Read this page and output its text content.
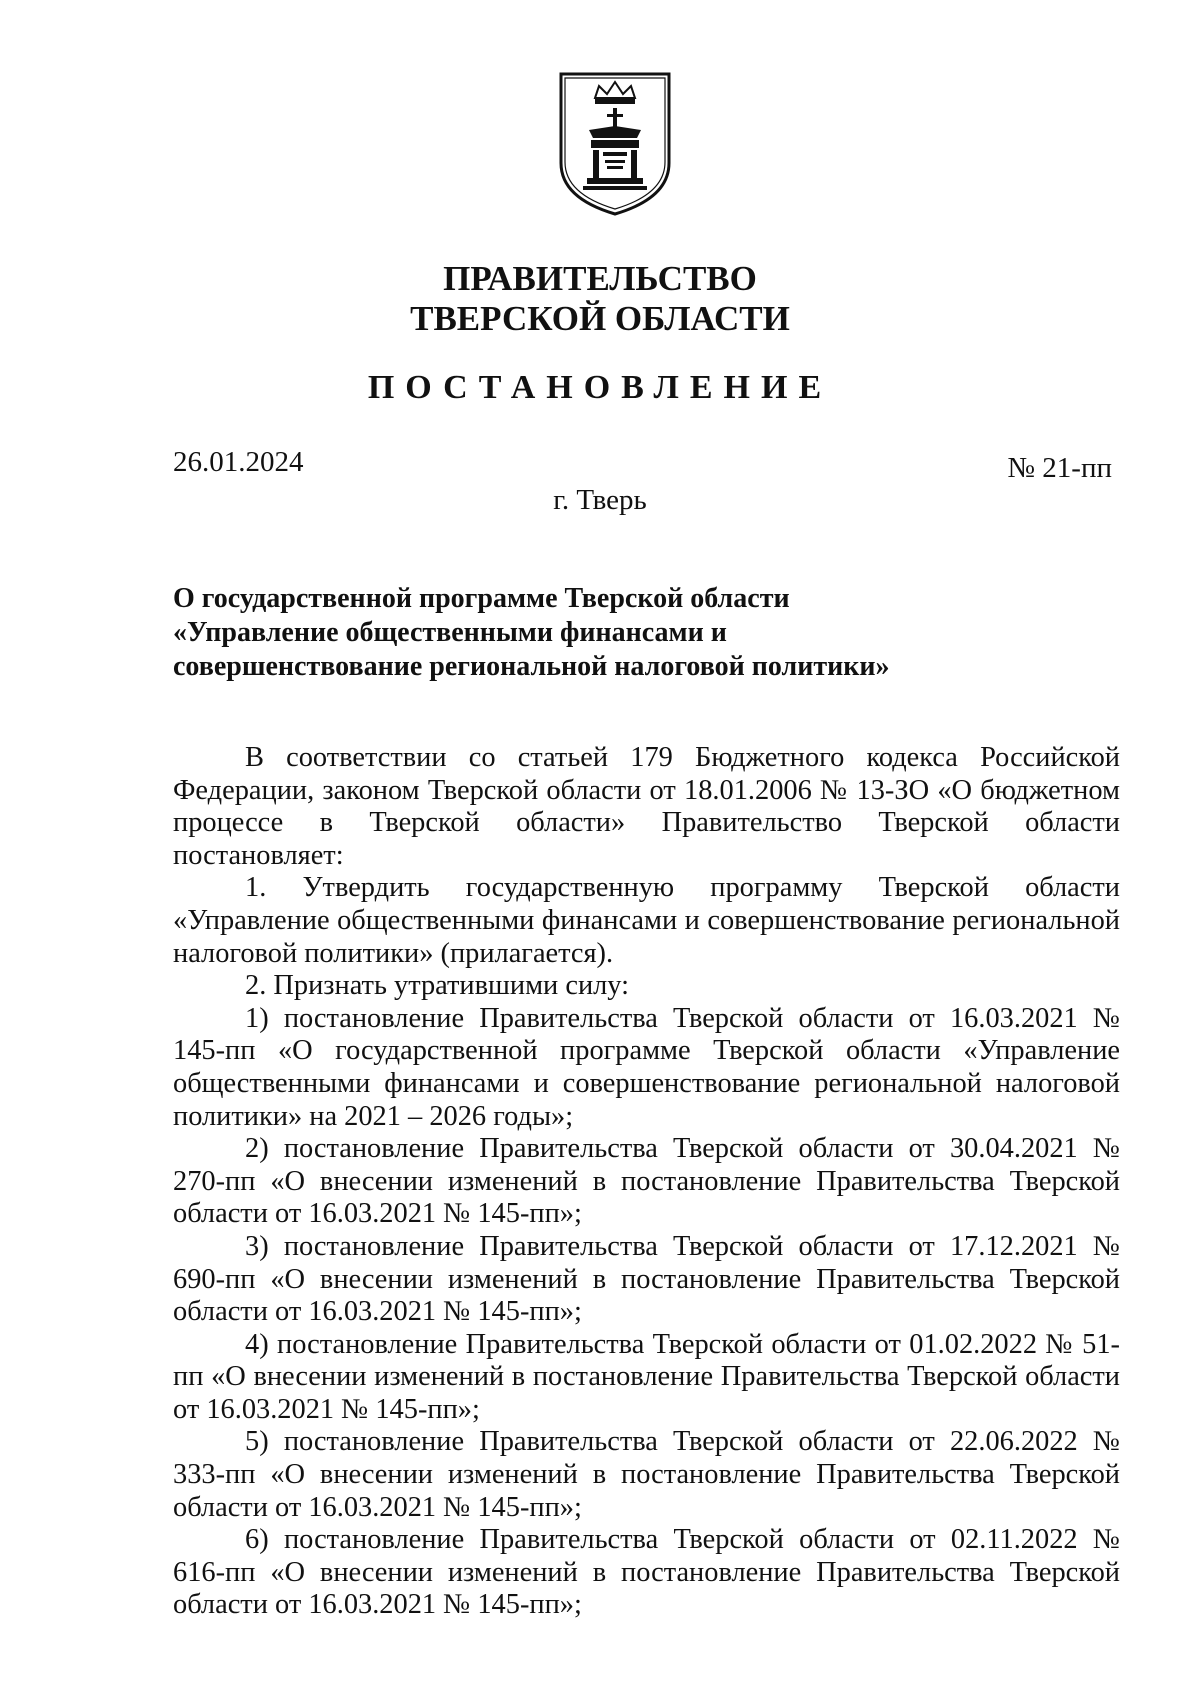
ПРАВИТЕЛЬСТВО
ТВЕРСКОЙ ОБЛАСТИ
ПОСТАНОВЛЕНИЕ
26.01.2024	№ 21-пп
г. Тверь
О государственной программе Тверской области
«Управление общественными финансами и
совершенствование региональной налоговой политики»

В соответствии со статьей 179 Бюджетного кодекса Российской Федерации, законом Тверской области от 18.01.2006 № 13-ЗО «О бюджетном процессе в Тверской области» Правительство Тверской области постановляет:

1. Утвердить государственную программу Тверской области «Управление общественными финансами и совершенствование региональной налоговой политики» (прилагается).

2. Признать утратившими силу:

1) постановление Правительства Тверской области от 16.03.2021 № 145-пп «О государственной программе Тверской области «Управление общественными финансами и совершенствование региональной налоговой политики» на 2021 – 2026 годы»;

2) постановление Правительства Тверской области от 30.04.2021 № 270-пп «О внесении изменений в постановление Правительства Тверской области от 16.03.2021 № 145-пп»;

3) постановление Правительства Тверской области от 17.12.2021 № 690-пп «О внесении изменений в постановление Правительства Тверской области от 16.03.2021 № 145-пп»;

4) постановление Правительства Тверской области от 01.02.2022 № 51-пп «О внесении изменений в постановление Правительства Тверской области от 16.03.2021 № 145-пп»;

5) постановление Правительства Тверской области от 22.06.2022 № 333-пп «О внесении изменений в постановление Правительства Тверской области от 16.03.2021 № 145-пп»;

6) постановление Правительства Тверской области от 02.11.2022 № 616-пп «О внесении изменений в постановление Правительства Тверской области от 16.03.2021 № 145-пп»;
